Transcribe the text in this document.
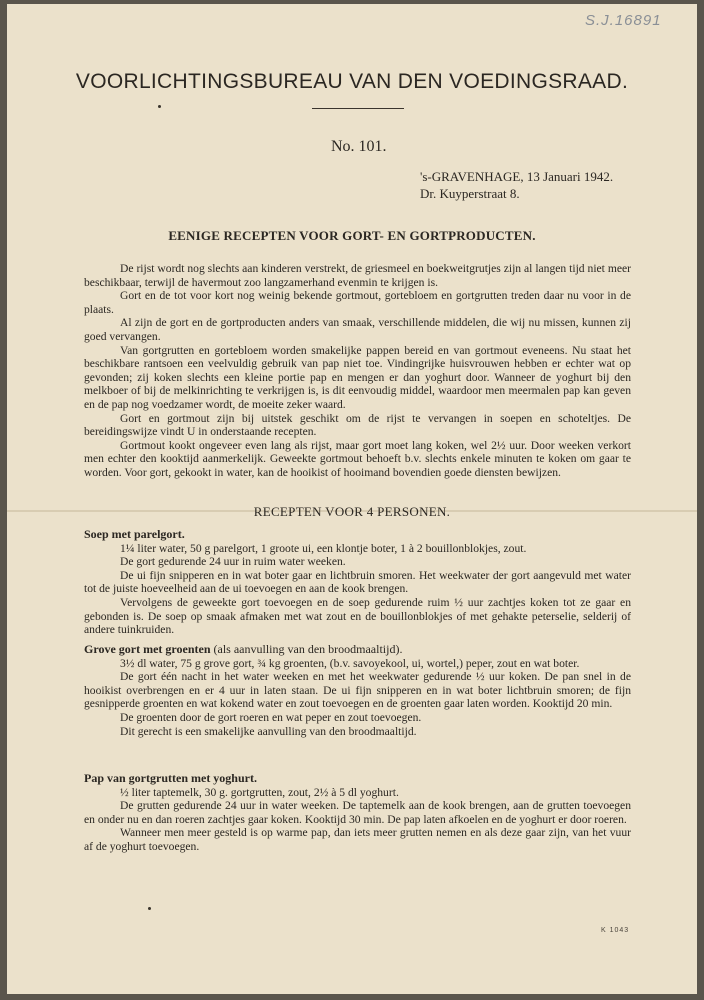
S.J.16891
VOORLICHTINGSBUREAU VAN DEN VOEDINGSRAAD.
No. 101.
's-GRAVENHAGE, 13 Januari 1942.
Dr. Kuyperstraat 8.
EENIGE RECEPTEN VOOR GORT- EN GORTPRODUCTEN.

De rijst wordt nog slechts aan kinderen verstrekt, de griesmeel en boekweitgrutjes zijn al langen tijd niet meer beschikbaar, terwijl de havermout zoo langzamerhand evenmin te krijgen is.

Gort en de tot voor kort nog weinig bekende gortmout, gortebloem en gortgrutten treden daar nu voor in de plaats.

Al zijn de gort en de gortproducten anders van smaak, verschillende middelen, die wij nu missen, kunnen zij goed vervangen.

Van gortgrutten en gortebloem worden smakelijke pappen bereid en van gortmout eveneens. Nu staat het beschikbare rantsoen een veelvuldig gebruik van pap niet toe. Vindingrijke huisvrouwen hebben er echter wat op gevonden; zij koken slechts een kleine portie pap en mengen er dan yoghurt door. Wanneer de yoghurt bij den melkboer of bij de melkinrichting te verkrijgen is, is dit eenvoudig middel, waardoor men meermalen pap kan geven en de pap nog voedzamer wordt, de moeite zeker waard.

Gort en gortmout zijn bij uitstek geschikt om de rijst te vervangen in soepen en schoteltjes. De bereidingswijze vindt U in onderstaande recepten.

Gortmout kookt ongeveer even lang als rijst, maar gort moet lang koken, wel 2½ uur. Door weeken verkort men echter den kooktijd aanmerkelijk. Geweekte gortmout behoeft b.v. slechts enkele minuten te koken om gaar te worden. Voor gort, gekookt in water, kan de hooikist of hooimand bovendien goede diensten bewijzen.

RECEPTEN VOOR 4 PERSONEN.

Soep met parelgort.

1¼ liter water, 50 g parelgort, 1 groote ui, een klontje boter, 1 à 2 bouillonblokjes, zout.

De gort gedurende 24 uur in ruim water weeken.

De ui fijn snipperen en in wat boter gaar en lichtbruin smoren. Het weekwater der gort aangevuld met water tot de juiste hoeveelheid aan de ui toevoegen en aan de kook brengen.

Vervolgens de geweekte gort toevoegen en de soep gedurende ruim ½ uur zachtjes koken tot ze gaar en gebonden is. De soep op smaak afmaken met wat zout en de bouillonblokjes of met gehakte peterselie, selderij of andere tuinkruiden.

Grove gort met groenten (als aanvulling van den broodmaaltijd).

3½ dl water, 75 g grove gort, ¾ kg groenten, (b.v. savoyekool, ui, wortel,) peper, zout en wat boter.

De gort één nacht in het water weeken en met het weekwater gedurende ½ uur koken. De pan snel in de hooikist overbrengen en er 4 uur in laten staan. De ui fijn snipperen en in wat boter lichtbruin smoren; de fijn gesnipperde groenten en wat kokend water en zout toevoegen en de groenten gaar laten worden. Kooktijd 20 min.

De groenten door de gort roeren en wat peper en zout toevoegen.

Dit gerecht is een smakelijke aanvulling van den broodmaaltijd.

Pap van gortgrutten met yoghurt.

½ liter taptemelk, 30 g. gortgrutten, zout, 2½ à 5 dl yoghurt.

De grutten gedurende 24 uur in water weeken. De taptemelk aan de kook brengen, aan de grutten toevoegen en onder nu en dan roeren zachtjes gaar koken. Kooktijd 30 min. De pap laten afkoelen en de yoghurt er door roeren.

Wanneer men meer gesteld is op warme pap, dan iets meer grutten nemen en als deze gaar zijn, van het vuur af de yoghurt toevoegen.

K 1043
